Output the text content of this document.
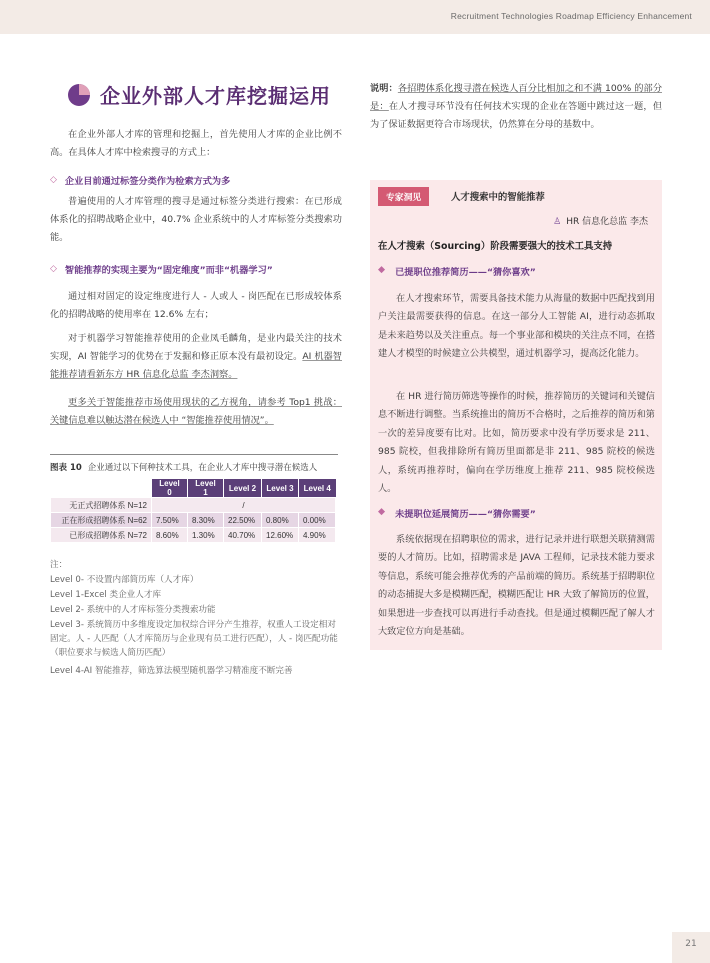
Recruitment Technologies Roadmap Efficiency Enhancement
企业外部人才库挖掘运用
在企业外部人才库的管理和挖掘上，首先使用人才库的企业比例不高。在具体人才库中检索搜寻的方式上：
◇ 企业目前通过标签分类作为检索方式为多
普遍使用的人才库管理的搜寻是通过标签分类进行搜索：在已形成体系化的招聘战略企业中，40.7% 企业系统中的人才库标签分类搜索功能。
◇ 智能推荐的实现主要为“固定维度”而非“机器学习”
通过相对固定的设定维度进行人 - 人或人 - 岗匹配在已形成较体系化的招聘战略的使用率在 12.6% 左右；
对于机器学习智能推荐使用的企业凤毛麟角，是业内最关注的技术实现，AI 智能学习的优势在于发掘和修正原本没有最初设定。AI 机器智能推荐请看新东方 HR 信息化总监 李杰洞察。
更多关于智能推荐市场使用现状的乙方视角，请参考 Top1 挑战：关键信息难以触达潜在候选人中 “智能推荐使用情况”。
图表 10 企业通过以下何种技术工具，在企业人才库中搜寻潜在候选人
	Level 0	Level 1	Level 2	Level 3	Level 4
无正式招聘体系 N=12	/				
正在形成招聘体系 N=62	7.50%	8.30%	22.50%	0.80%	0.00%
已形成招聘体系 N=72	8.60%	1.30%	40.70%	12.60%	4.90%
注：
Level 0- 不设置内部简历库（人才库）
Level 1-Excel 类企业人才库
Level 2- 系统中的人才库标签分类搜索功能
Level 3- 系统简历中多维度设定加权综合评分产生推荐，权重人工设定相对固定。人 - 人匹配（人才库简历与企业现有员工进行匹配），人 - 岗匹配功能（职位要求与候选人简历匹配）
Level 4-AI 智能推荐，筛选算法模型随机器学习精准度不断完善
说明：各招聘体系化搜寻潜在候选人百分比相加之和不满 100% 的部分是：在人才搜寻环节没有任何技术实现的企业在答题中跳过这一题，但为了保证数据更符合市场现状，仍然算在分母的基数中。
专家洞见	人才搜索中的智能推荐
♙ HR 信息化总监 李杰
在人才搜索（Sourcing）阶段需要强大的技术工具支持
◆ 已提职位推荐简历——“猜你喜欢”
在人才搜索环节，需要具备技术能力从海量的数据中匹配找到用户关注最需要获得的信息。在这一部分人工智能 AI，进行动态抓取是未来趋势以及关注重点。每一个事业部和模块的关注点不同，在搭建人才模型的时候建立公共模型，通过机器学习，提高泛化能力。
在 HR 进行简历筛选等操作的时候，推荐简历的关键词和关键信息不断进行调整。当系统推出的简历不合格时，之后推荐的简历和第一次的差异度要有比对。比如，简历要求中没有学历要求是 211、985 院校，但我排除所有简历里面都是非 211、985 院校的候选人，系统再推荐时，偏向在学历维度上推荐 211、985 院校候选人。
◆ 未提职位延展简历——“猜你需要”
系统依据现在招聘职位的需求，进行记录并进行联想关联猜测需要的人才简历。比如，招聘需求是 JAVA 工程师，记录技术能力要求等信息，系统可能会推荐优秀的产品前端的简历。系统基于招聘职位的动态捕捉大多是模糊匹配，模糊匹配让 HR 大致了解简历的位置，如果想进一步查找可以再进行手动查找。但是通过模糊匹配了解人才大致定位方向是基础。
21
